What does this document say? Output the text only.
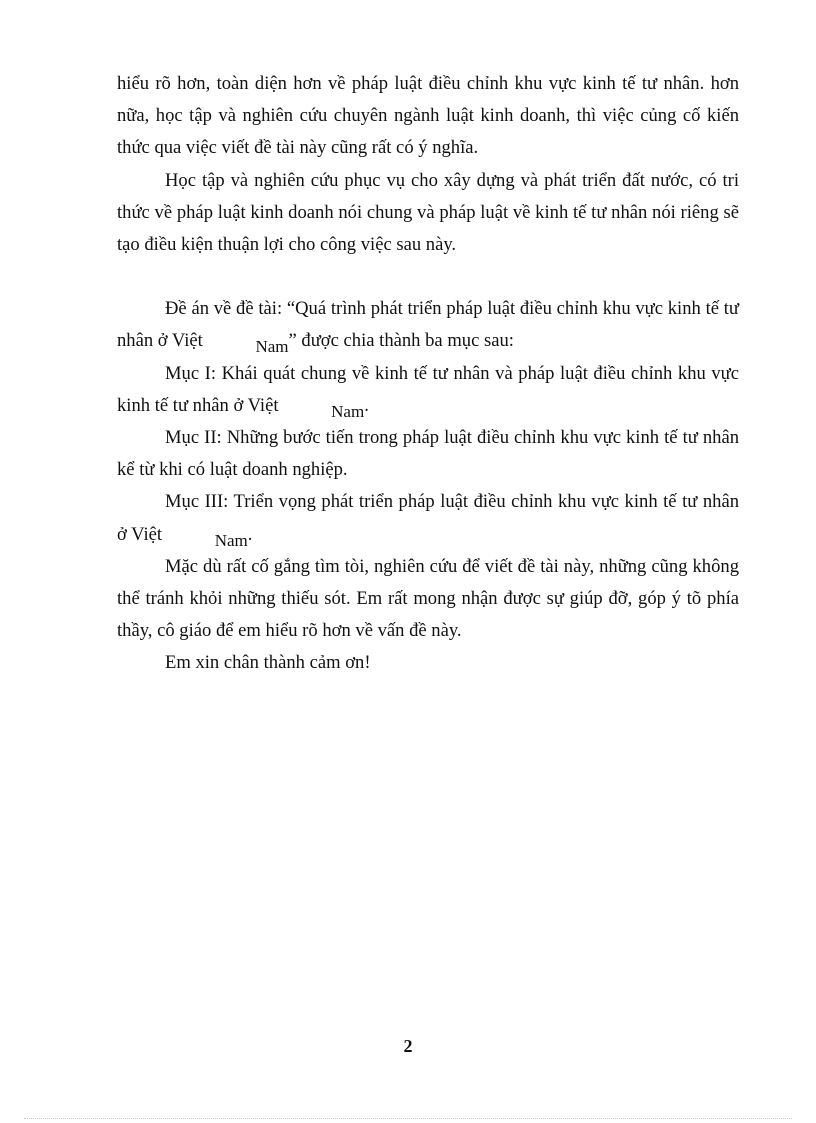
hiểu rõ hơn, toàn diện hơn về pháp luật điều chỉnh khu vực kinh tế tư nhân. hơn nữa, học tập và nghiên cứu chuyên ngành luật kinh doanh, thì việc củng cố kiến thức qua việc viết đề tài này cũng rất có ý nghĩa.

Học tập và nghiên cứu phục vụ cho xây dựng và phát triển đất nước, có tri thức về pháp luật kinh doanh nói chung và pháp luật về kinh tế tư nhân nói riêng sẽ tạo điều kiện thuận lợi cho công việc sau này.

Đề án về đề tài: “Quá trình phát triển pháp luật điều chỉnh khu vực kinh tế tư nhân ở Việt	Nam” được chia thành ba mục sau:

Mục I: Khái quát chung về kinh tế tư nhân và pháp luật điều chỉnh khu vực kinh tế tư nhân ở Việt	Nam.

Mục II: Những bước tiến trong pháp luật điều chỉnh khu vực kinh tế tư nhân kể từ khi có luật doanh nghiệp.

Mục III: Triển vọng phát triển pháp luật điều chỉnh khu vực kinh tế tư nhân ở Việt	Nam.

Mặc dù rất cố gắng tìm tòi, nghiên cứu để viết đề tài này, những cũng không thể tránh khỏi những thiếu sót. Em rất mong nhận được sự giúp đỡ, góp ý tõ phía thầy, cô giáo để em hiểu rõ hơn về vấn đề này.

Em xin chân thành cảm ơn!

2
